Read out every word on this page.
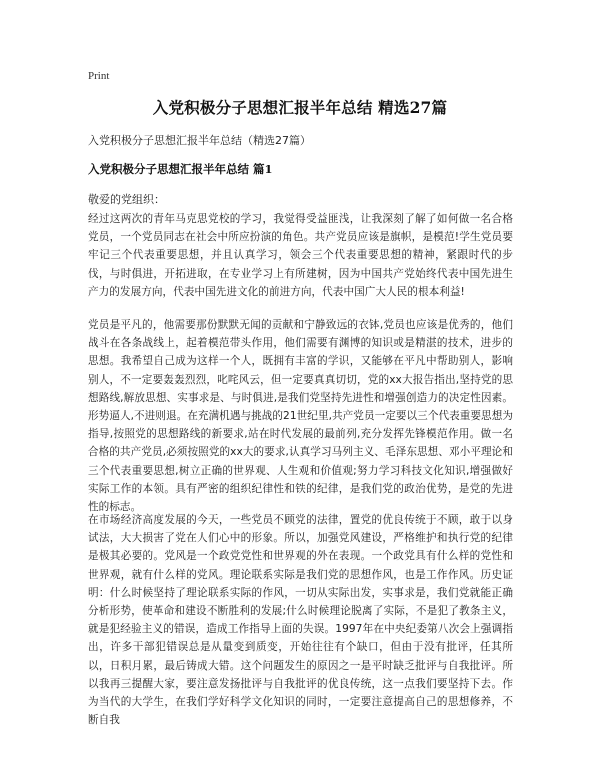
Print
入党积极分子思想汇报半年总结 精选27篇
入党积极分子思想汇报半年总结（精选27篇）
入党积极分子思想汇报半年总结 篇1
敬爱的党组织：
经过这两次的青年马克思党校的学习，我觉得受益匪浅，让我深刻了解了如何做一名合格党员，一个党员同志在社会中所应扮演的角色。共产党员应该是旗帜，是模范!学生党员要牢记三个代表重要思想，并且认真学习，领会三个代表重要思想的精神，紧跟时代的步伐，与时俱进，开拓进取，在专业学习上有所建树，因为中国共产党始终代表中国先进生产力的发展方向，代表中国先进文化的前进方向，代表中国广大人民的根本利益!
党员是平凡的，他需要那份默默无闻的贡献和宁静致远的衣钵,党员也应该是优秀的，他们战斗在各条战线上，起着模范带头作用，他们需要有渊博的知识或是精湛的技术，进步的思想。我希望自己成为这样一个人，既拥有丰富的学识，又能够在平凡中帮助别人，影响别人，不一定要轰轰烈烈，叱咤风云，但一定要真真切切，党的xx大报告指出,坚持党的思想路线,解放思想、实事求是、与时俱进,是我们党坚持先进性和增强创造力的决定性因素。形势逼人,不进则退。在充满机遇与挑战的21世纪里,共产党员一定要以三个代表重要思想为指导,按照党的思想路线的新要求,站在时代发展的最前列,充分发挥先锋模范作用。做一名合格的共产党员,必须按照党的xx大的要求,认真学习马列主义、毛泽东思想、邓小平理论和三个代表重要思想,树立正确的世界观、人生观和价值观;努力学习科技文化知识,增强做好实际工作的本领。具有严密的组织纪律性和铁的纪律，是我们党的政治优势，是党的先进性的标志。
在市场经济高度发展的今天，一些党员不顾党的法律，置党的优良传统于不顾，敢于以身试法，大大损害了党在人们心中的形象。所以，加强党风建设，严格维护和执行党的纪律是极其必要的。党风是一个政党党性和世界观的外在表现。一个政党具有什么样的党性和世界观，就有什么样的党风。理论联系实际是我们党的思想作风，也是工作作风。历史证明：什么时候坚持了理论联系实际的作风，一切从实际出发，实事求是，我们党就能正确分析形势，使革命和建设不断胜利的发展;什么时候理论脱离了实际，不是犯了教条主义，就是犯经验主义的错误，造成工作指导上面的失误。1997年在中央纪委第八次会上强调指出，许多干部犯错误总是从量变到质变，开始往往有个缺口，但由于没有批评，任其所以，日积月累，最后铸成大错。这个问题发生的原因之一是平时缺乏批评与自我批评。所以我再三提醒大家，要注意发扬批评与自我批评的优良传统，这一点我们要坚持下去。作为当代的大学生，在我们学好科学文化知识的同时，一定要注意提高自己的思想修养，不断自我
